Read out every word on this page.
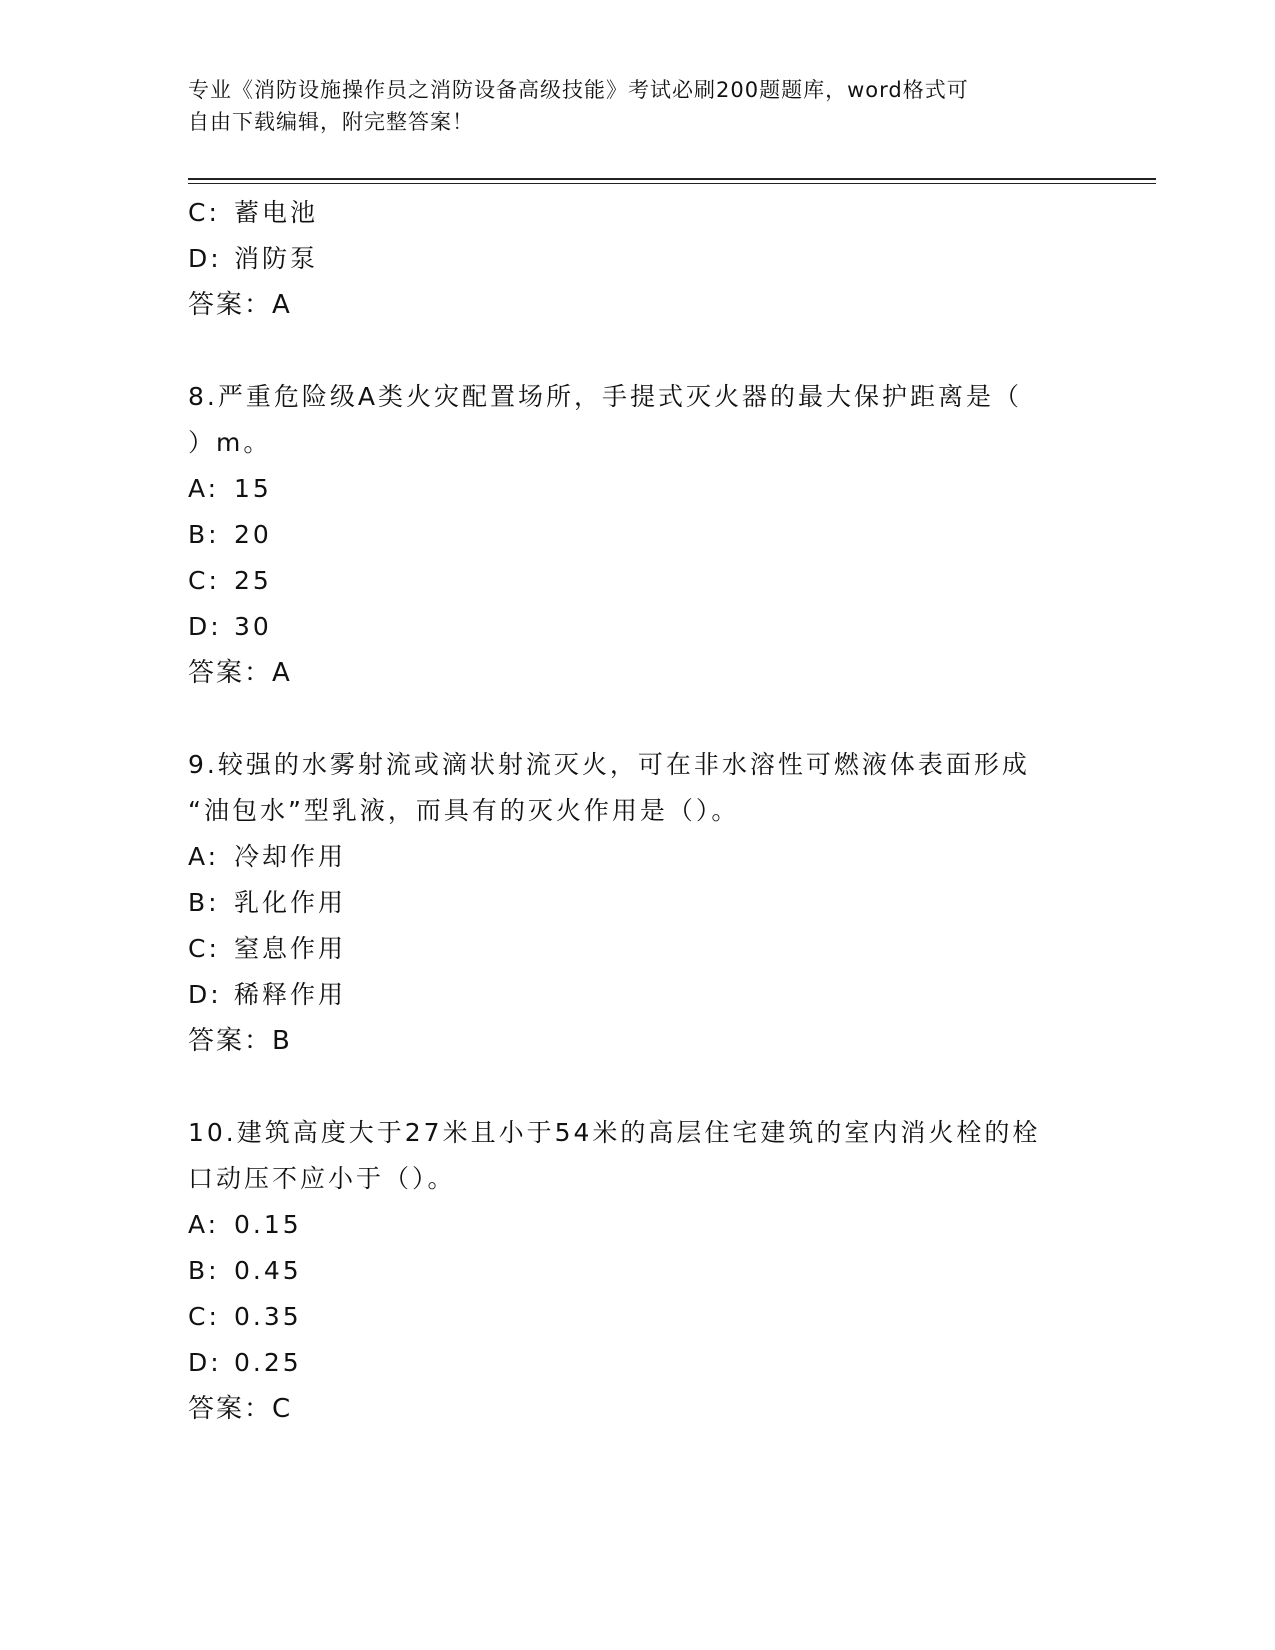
专业《消防设施操作员之消防设备高级技能》考试必刷200题题库，word格式可
自由下载编辑，附完整答案！
C: 蓄电池
D: 消防泵
答案：A
8.严重危险级A类火灾配置场所，手提式灭火器的最大保护距离是（
）m。
A: 15
B: 20
C: 25
D: 30
答案：A
9.较强的水雾射流或滴状射流灭火，可在非水溶性可燃液体表面形成
“油包水”型乳液，而具有的灭火作用是（）。
A: 冷却作用
B: 乳化作用
C: 窒息作用
D: 稀释作用
答案：B
10.建筑高度大于27米且小于54米的高层住宅建筑的室内消火栓的栓
口动压不应小于（）。
A: 0.15
B: 0.45
C: 0.35
D: 0.25
答案：C
